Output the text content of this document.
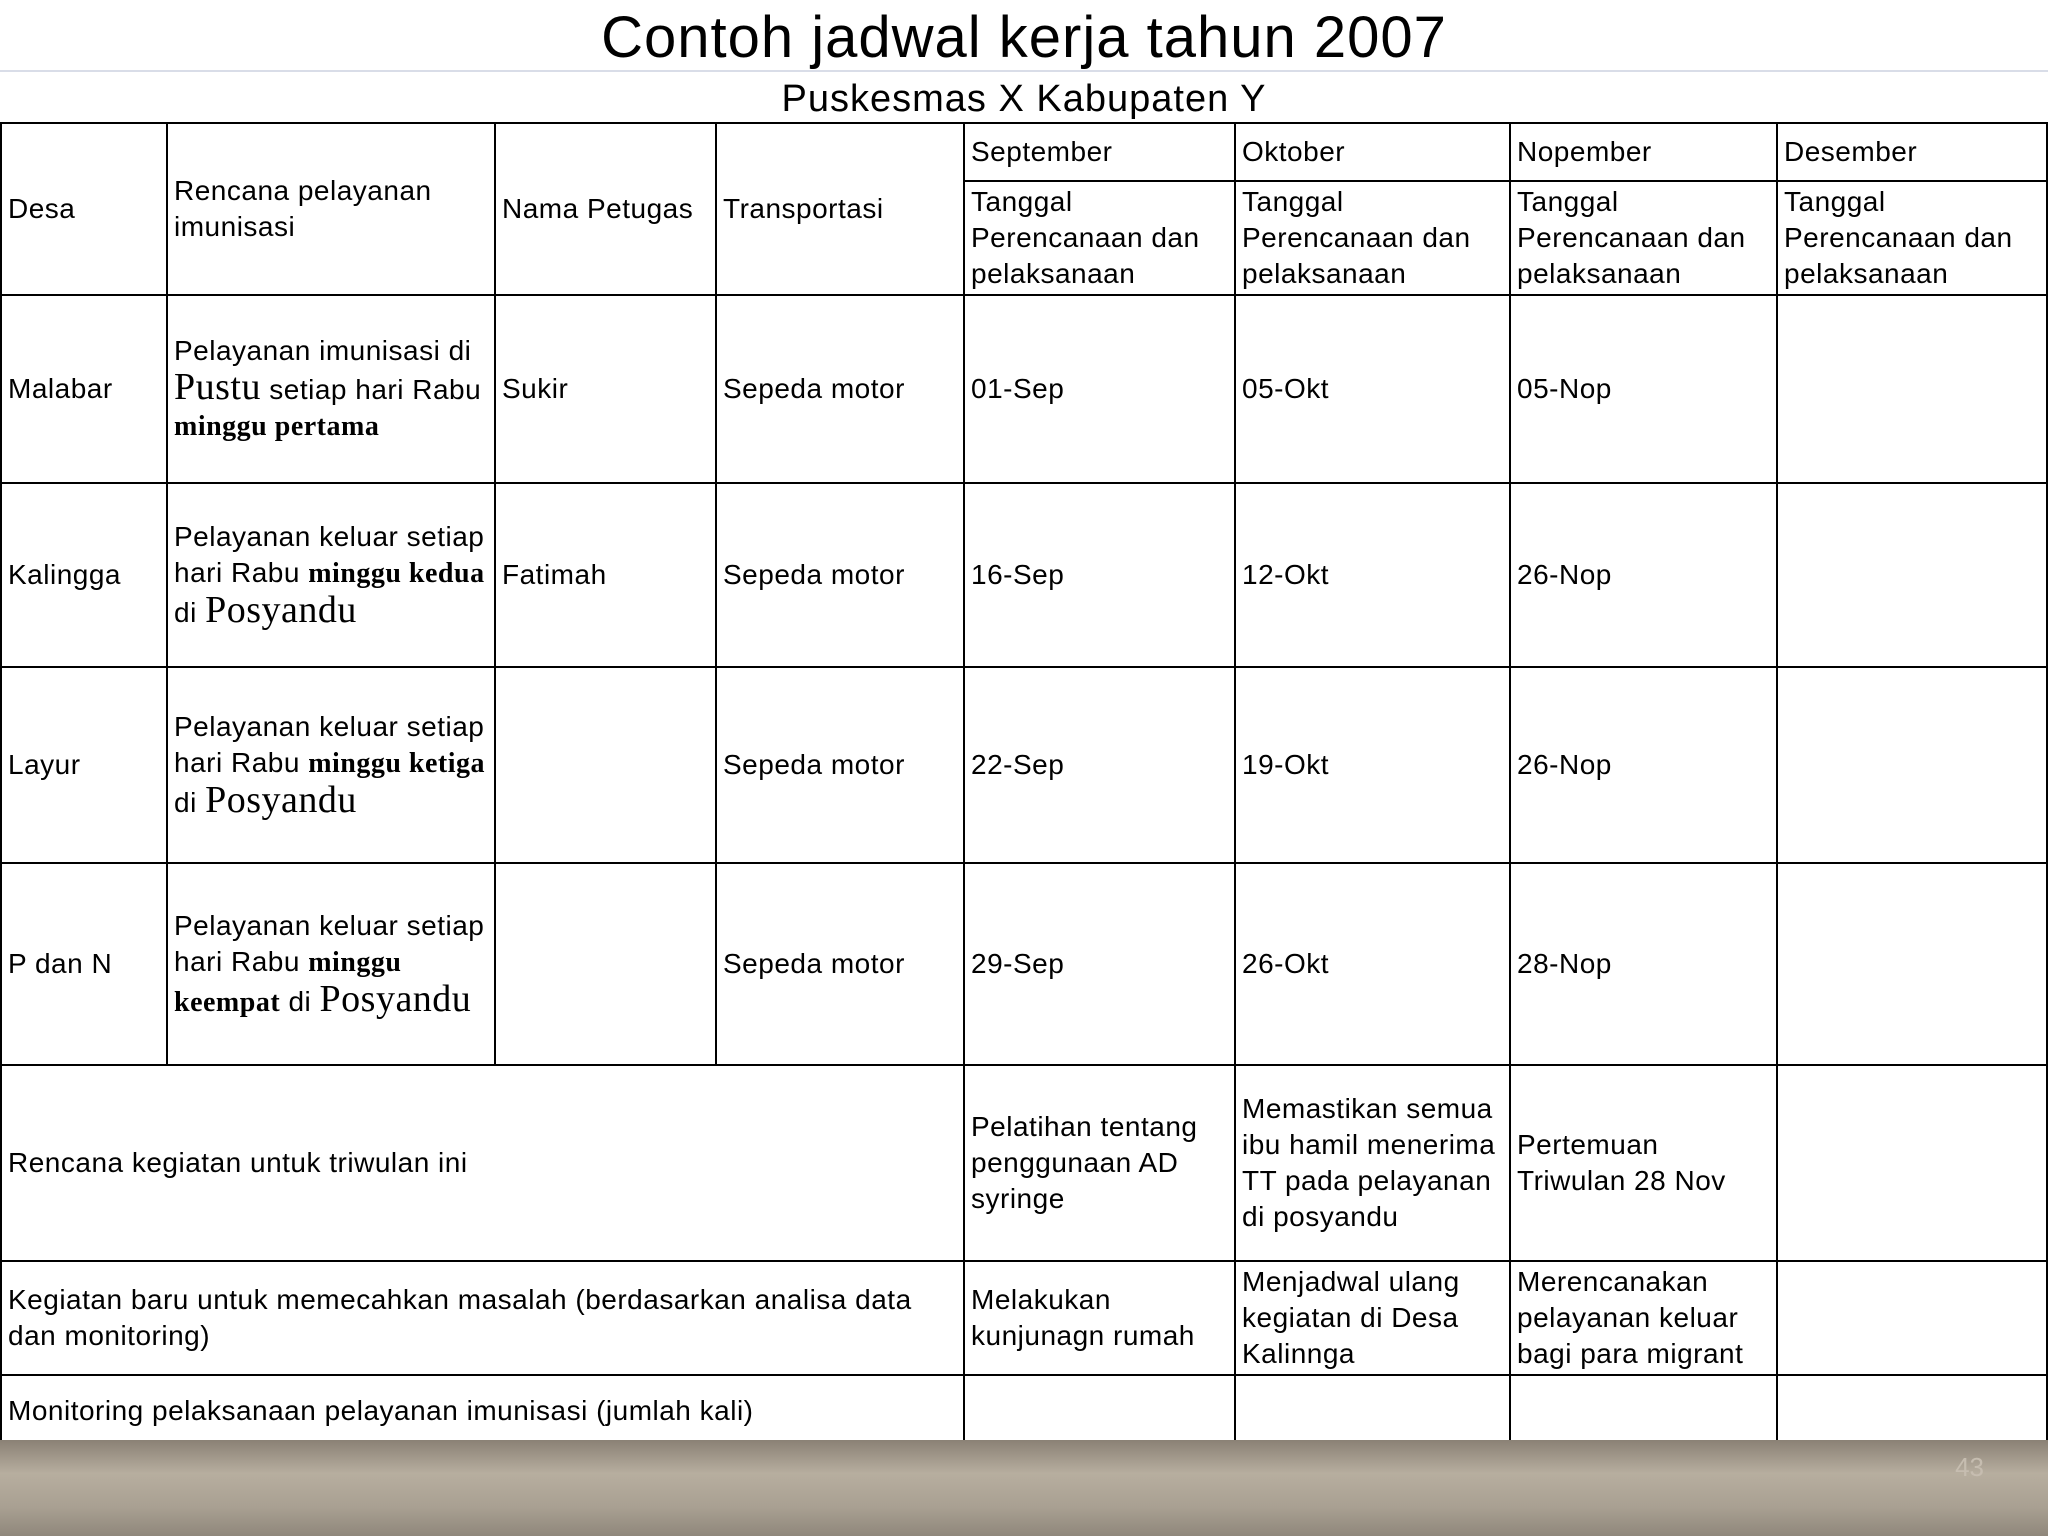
Contoh jadwal kerja tahun 2007
Puskesmas X Kabupaten Y
Desa	Rencana pelayanan imunisasi	Nama Petugas	Transportasi	September	Oktober	Nopember	Desember
				Tanggal Perencanaan dan pelaksanaan	Tanggal Perencanaan dan pelaksanaan	Tanggal Perencanaan dan pelaksanaan	Tanggal Perencanaan dan pelaksanaan
Malabar	Pelayanan imunisasi di Pustu setiap hari Rabu minggu pertama	Sukir	Sepeda motor	01-Sep	05-Okt	05-Nop	
Kalingga	Pelayanan keluar setiap hari Rabu minggu kedua di Posyandu	Fatimah	Sepeda motor	16-Sep	12-Okt	26-Nop	
Layur	Pelayanan keluar setiap hari Rabu minggu ketiga di Posyandu		Sepeda motor	22-Sep	19-Okt	26-Nop	
P dan N	Pelayanan keluar setiap hari Rabu minggu keempat di Posyandu		Sepeda motor	29-Sep	26-Okt	28-Nop	
Rencana kegiatan untuk triwulan ini				Pelatihan tentang penggunaan AD syringe	Memastikan semua ibu hamil menerima TT pada pelayanan di posyandu	Pertemuan Triwulan 28 Nov	
Kegiatan baru untuk memecahkan masalah (berdasarkan analisa data dan monitoring)				Melakukan kunjunagn rumah	Menjadwal ulang kegiatan di Desa Kalinnga	Merencanakan pelayanan keluar bagi para migrant	
Monitoring pelaksanaan pelayanan imunisasi (jumlah kali)							
43
